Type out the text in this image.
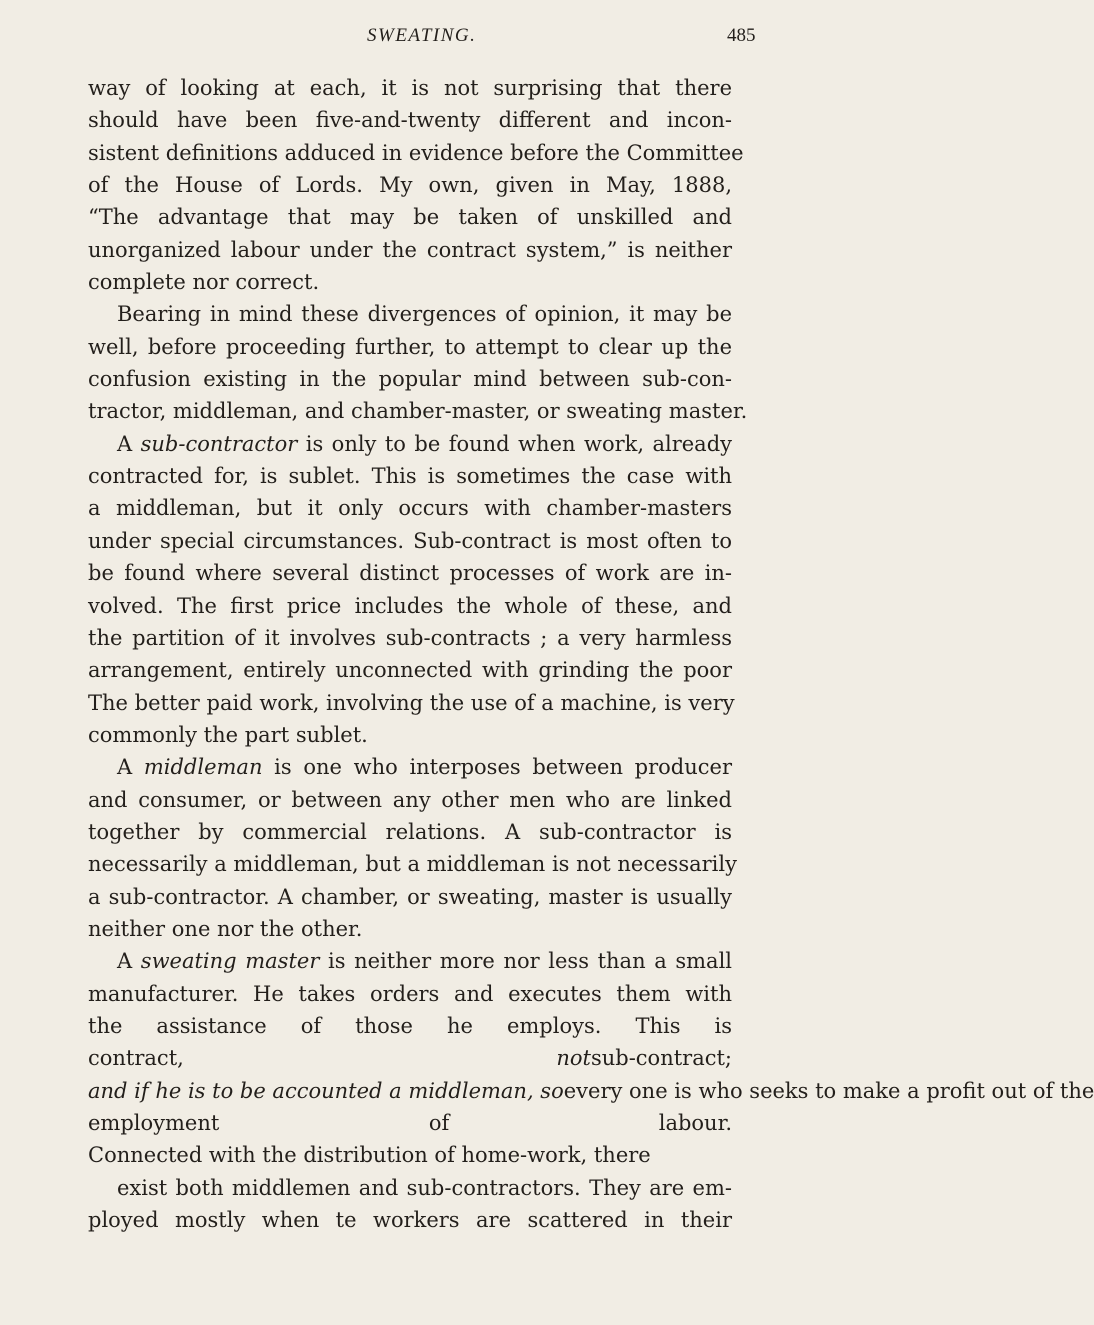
SWEATING.	485
way of looking at each, it is not surprising that there
should have been five-and-twenty different and incon-
sistent definitions adduced in evidence before the Committee
of the House of Lords. My own, given in May, 1888,
“The advantage that may be taken of unskilled and
unorganized labour under the contract system,” is neither
complete nor correct.
Bearing in mind these divergences of opinion, it may be
well, before proceeding further, to attempt to clear up the
confusion existing in the popular mind between sub-con-
tractor, middleman, and chamber-master, or sweating master.
A sub-contractor is only to be found when work, already
contracted for, is sublet. This is sometimes the case with
a middleman, but it only occurs with chamber-masters
under special circumstances. Sub-contract is most often to
be found where several distinct processes of work are in-
volved. The first price includes the whole of these, and
the partition of it involves sub-contracts ; a very harmless
arrangement, entirely unconnected with grinding the poor
The better paid work, involving the use of a machine, is very
commonly the part sublet.
A middleman is one who interposes between producer
and consumer, or between any other men who are linked
together by commercial relations. A sub-contractor is
necessarily a middleman, but a middleman is not necessarily
a sub-contractor. A chamber, or sweating, master is usually
neither one nor the other.
A sweating master is neither more nor less than a small
manufacturer. He takes orders and executes them with
the assistance of those he employs. This is
contract, notsub-contract;
and if he is to be accounted a middleman, soevery one is who seeks to make a profit out of the
employment of labour.
Connected with the distribution of home-work, there
exist both middlemen and sub-contractors. They are em-
ployed mostly when te workers are scattered in their
